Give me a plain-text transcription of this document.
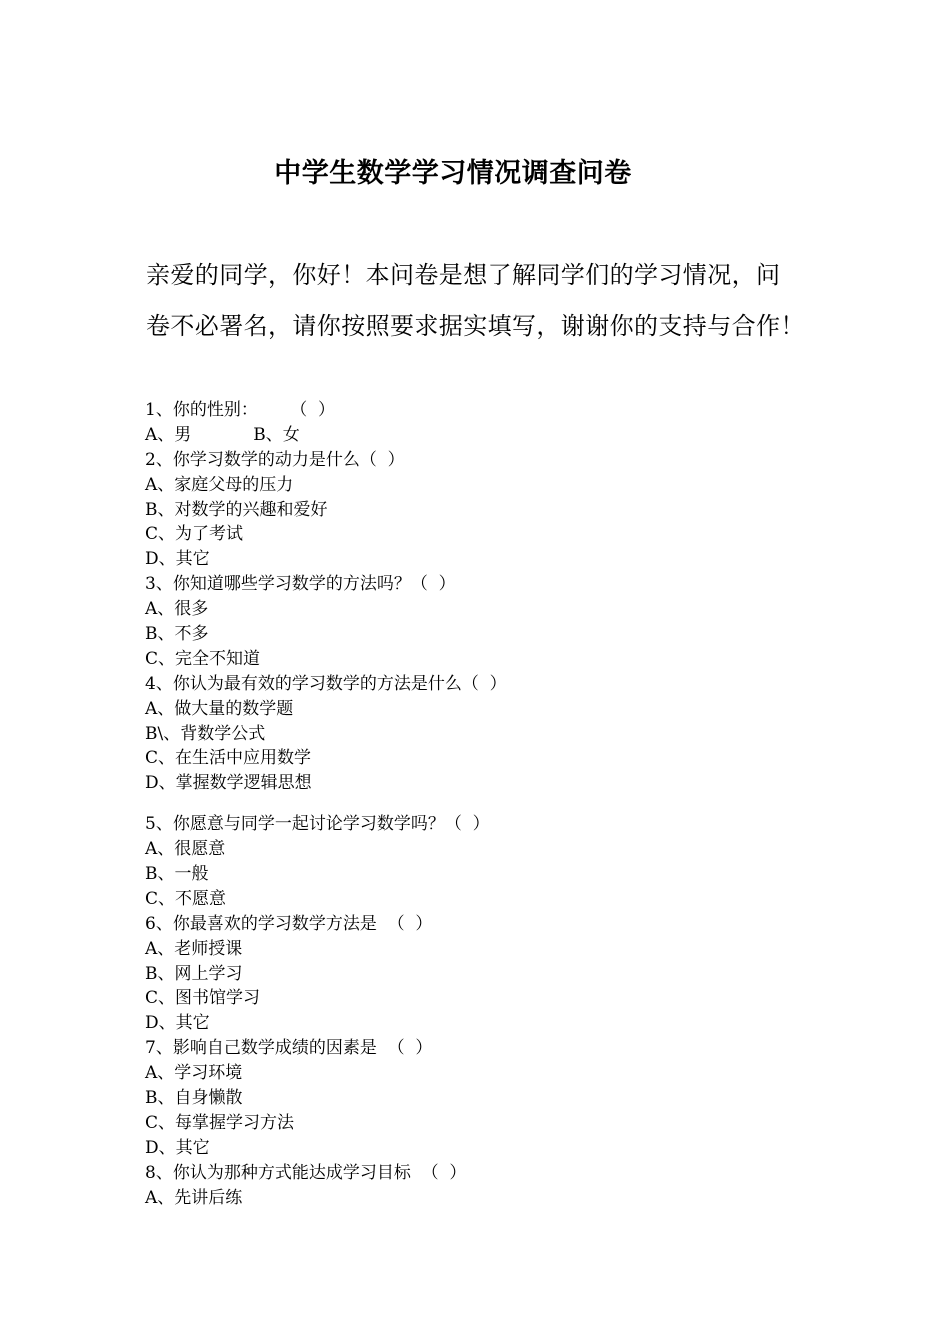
中学生数学学习情况调查问卷
亲爱的同学，你好！本问卷是想了解同学们的学习情况，问
卷不必署名，请你按照要求据实填写，谢谢你的支持与合作！
1、你的性别：      （  ）
A、男	B、女
2、你学习数学的动力是什么（  ）
A、家庭父母的压力
B、对数学的兴趣和爱好
C、为了考试
D、其它
3、你知道哪些学习数学的方法吗？（  ）
A、很多
B、不多
C、完全不知道
4、你认为最有效的学习数学的方法是什么（  ）
A、做大量的数学题
B\、背数学公式
C、在生活中应用数学
D、掌握数学逻辑思想
5、你愿意与同学一起讨论学习数学吗？（  ）
A、很愿意
B、一般
C、不愿意
6、你最喜欢的学习数学方法是  （  ）
A、老师授课
B、网上学习
C、图书馆学习
D、其它
7、影响自己数学成绩的因素是  （  ）
A、学习环境
B、自身懒散
C、每掌握学习方法
D、其它
8、你认为那种方式能达成学习目标  （  ）
A、先讲后练
